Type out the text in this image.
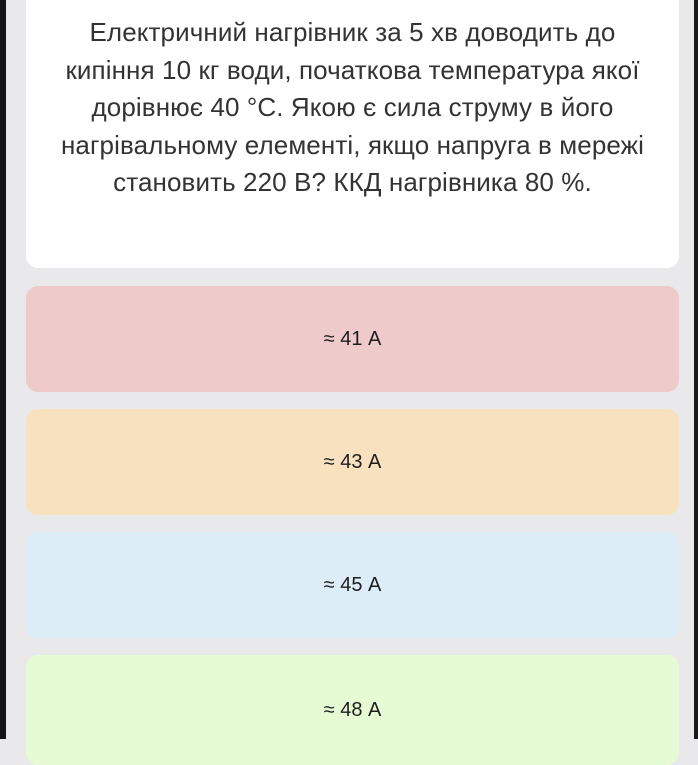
Електричний нагрівник за 5 хв доводить до
кипіння 10 кг води, початкова температура якої
дорівнює 40 °C. Якою є сила струму в його
нагрівальному елементі, якщо напруга в мережі
становить 220 В? ККД нагрівника 80 %.

≈ 41 А
≈ 43 А
≈ 45 А
≈ 48 А
